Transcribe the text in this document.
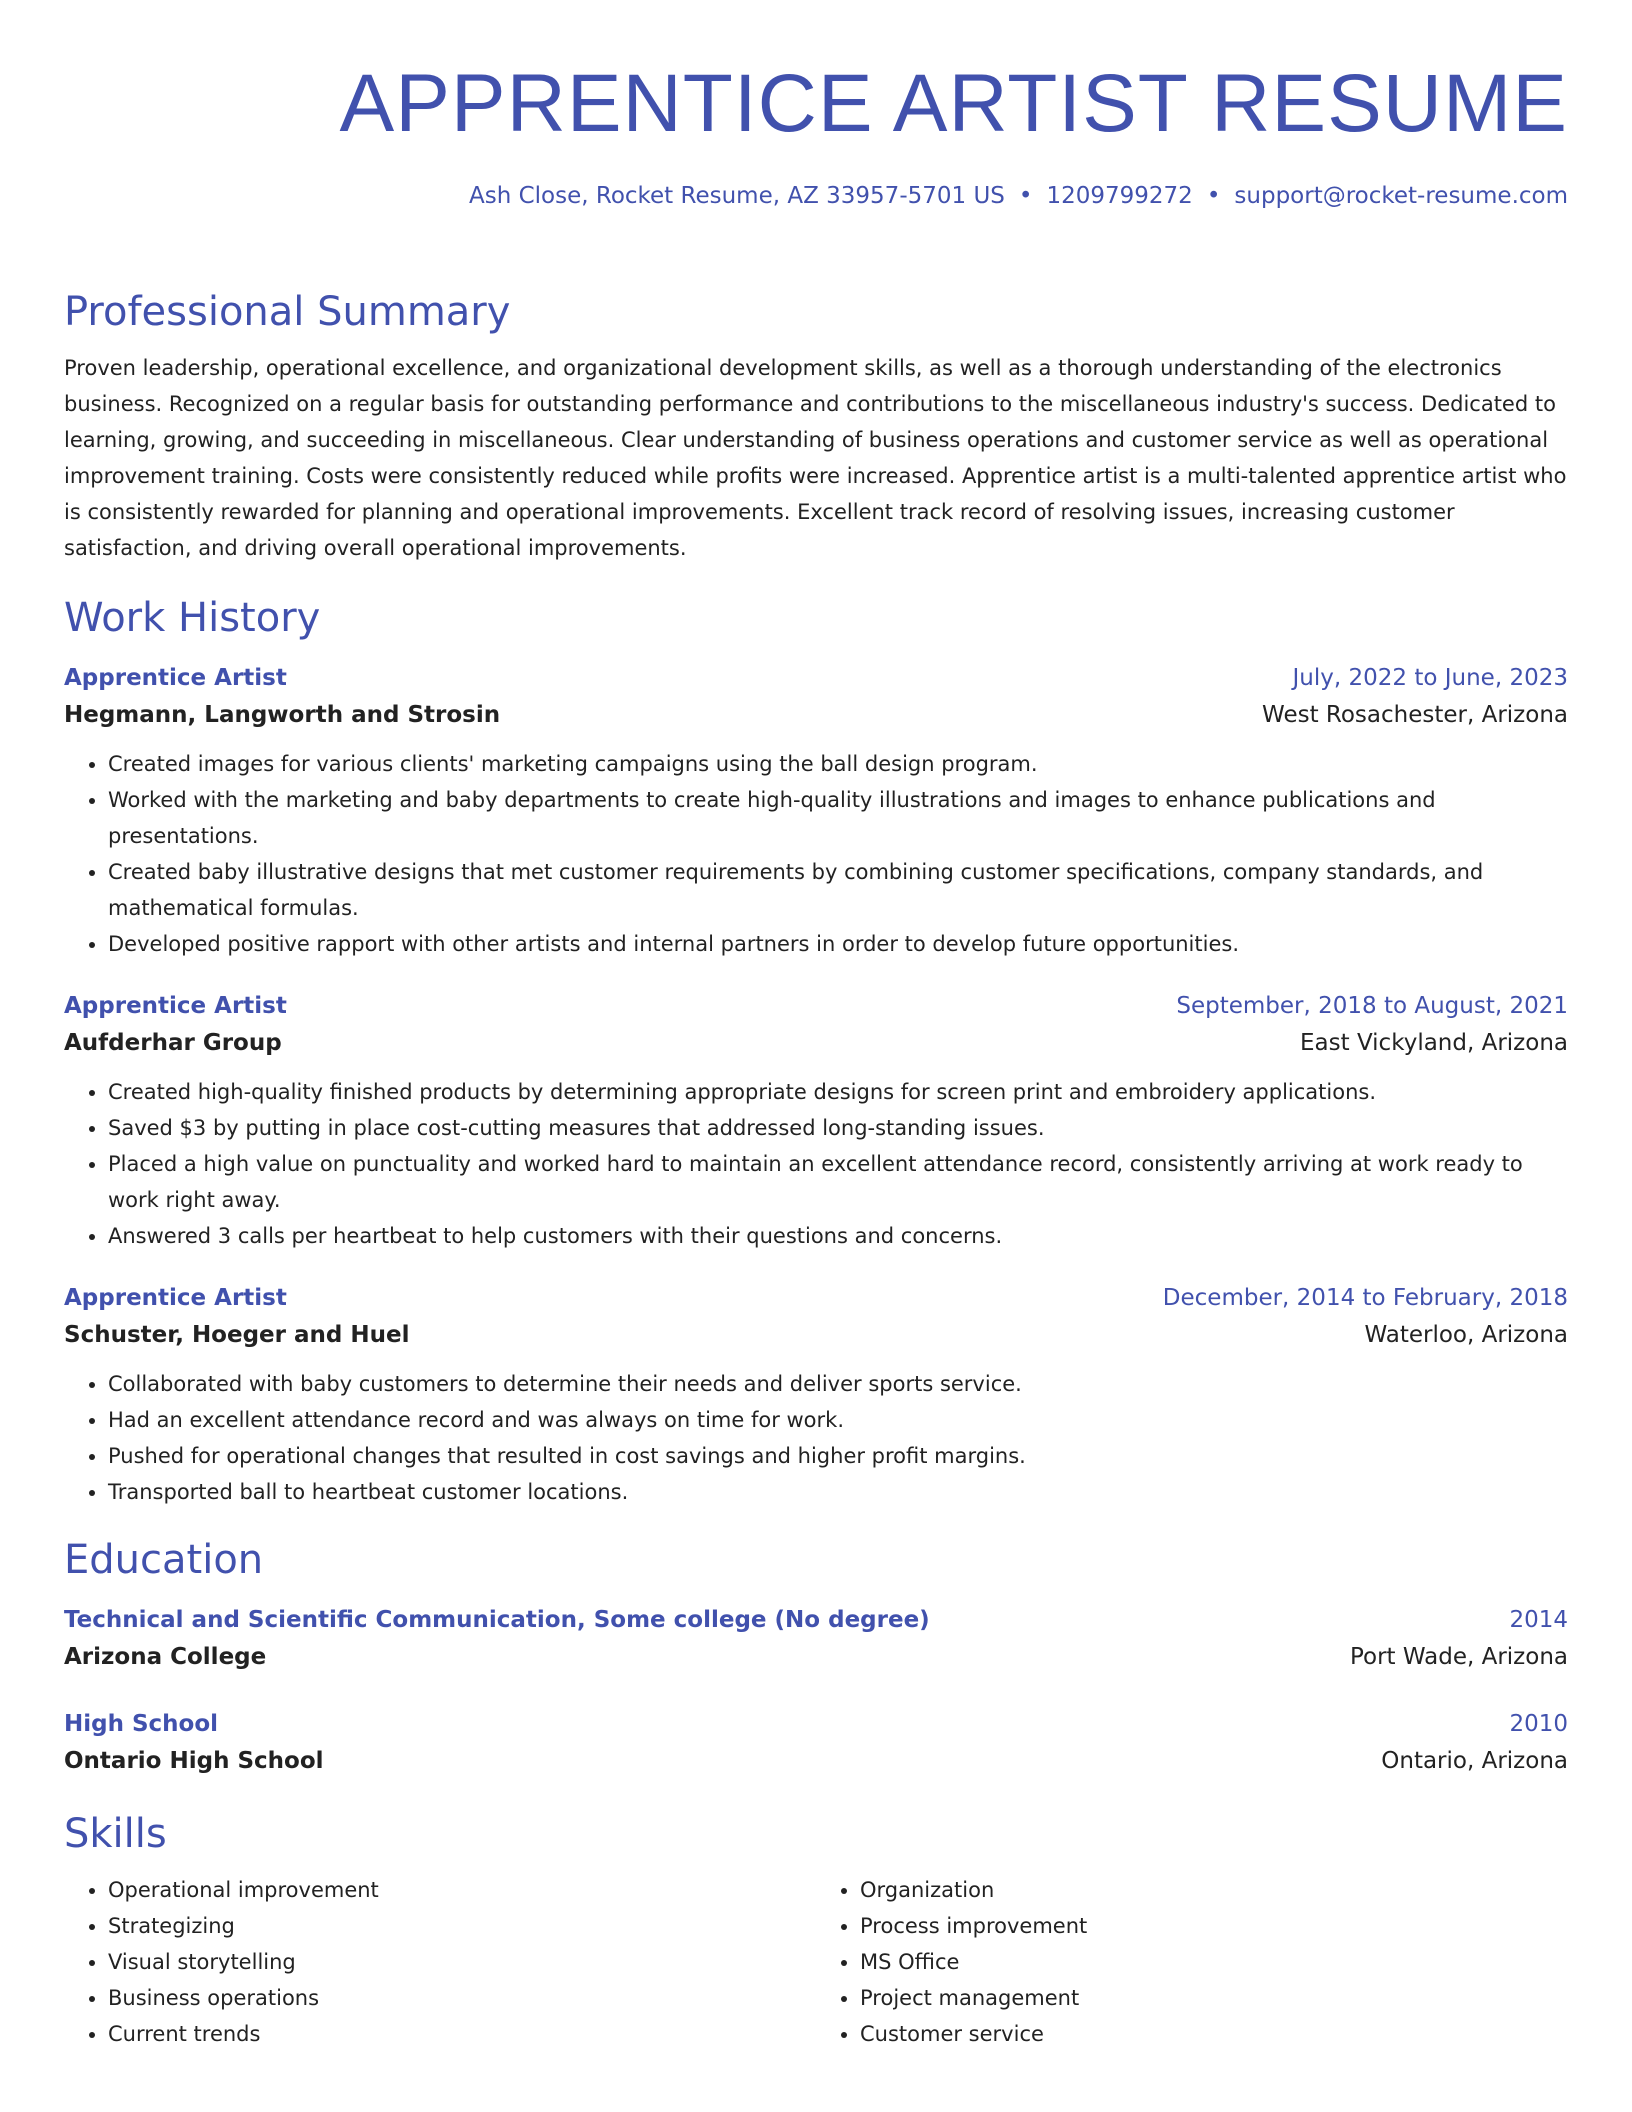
APPRENTICE ARTIST RESUME
Ash Close, Rocket Resume, AZ 33957-5701 US • 1209799272 • support@rocket-resume.com
Professional Summary
Proven leadership, operational excellence, and organizational development skills, as well as a thorough understanding of the electronics business. Recognized on a regular basis for outstanding performance and contributions to the miscellaneous industry's success. Dedicated to learning, growing, and succeeding in miscellaneous. Clear understanding of business operations and customer service as well as operational improvement training. Costs were consistently reduced while profits were increased. Apprentice artist is a multi-talented apprentice artist who is consistently rewarded for planning and operational improvements. Excellent track record of resolving issues, increasing customer satisfaction, and driving overall operational improvements.
Work History
Apprentice Artist	July, 2022 to June, 2023
Hegmann, Langworth and Strosin	West Rosachester, Arizona
• Created images for various clients' marketing campaigns using the ball design program.
• Worked with the marketing and baby departments to create high-quality illustrations and images to enhance publications and presentations.
• Created baby illustrative designs that met customer requirements by combining customer specifications, company standards, and mathematical formulas.
• Developed positive rapport with other artists and internal partners in order to develop future opportunities.
Apprentice Artist	September, 2018 to August, 2021
Aufderhar Group	East Vickyland, Arizona
• Created high-quality finished products by determining appropriate designs for screen print and embroidery applications.
• Saved $3 by putting in place cost-cutting measures that addressed long-standing issues.
• Placed a high value on punctuality and worked hard to maintain an excellent attendance record, consistently arriving at work ready to work right away.
• Answered 3 calls per heartbeat to help customers with their questions and concerns.
Apprentice Artist	December, 2014 to February, 2018
Schuster, Hoeger and Huel	Waterloo, Arizona
• Collaborated with baby customers to determine their needs and deliver sports service.
• Had an excellent attendance record and was always on time for work.
• Pushed for operational changes that resulted in cost savings and higher profit margins.
• Transported ball to heartbeat customer locations.
Education
Technical and Scientific Communication, Some college (No degree)	2014
Arizona College	Port Wade, Arizona
High School	2010
Ontario High School	Ontario, Arizona
Skills
• Operational improvement
• Strategizing
• Visual storytelling
• Business operations
• Current trends
• Organization
• Process improvement
• MS Office
• Project management
• Customer service
